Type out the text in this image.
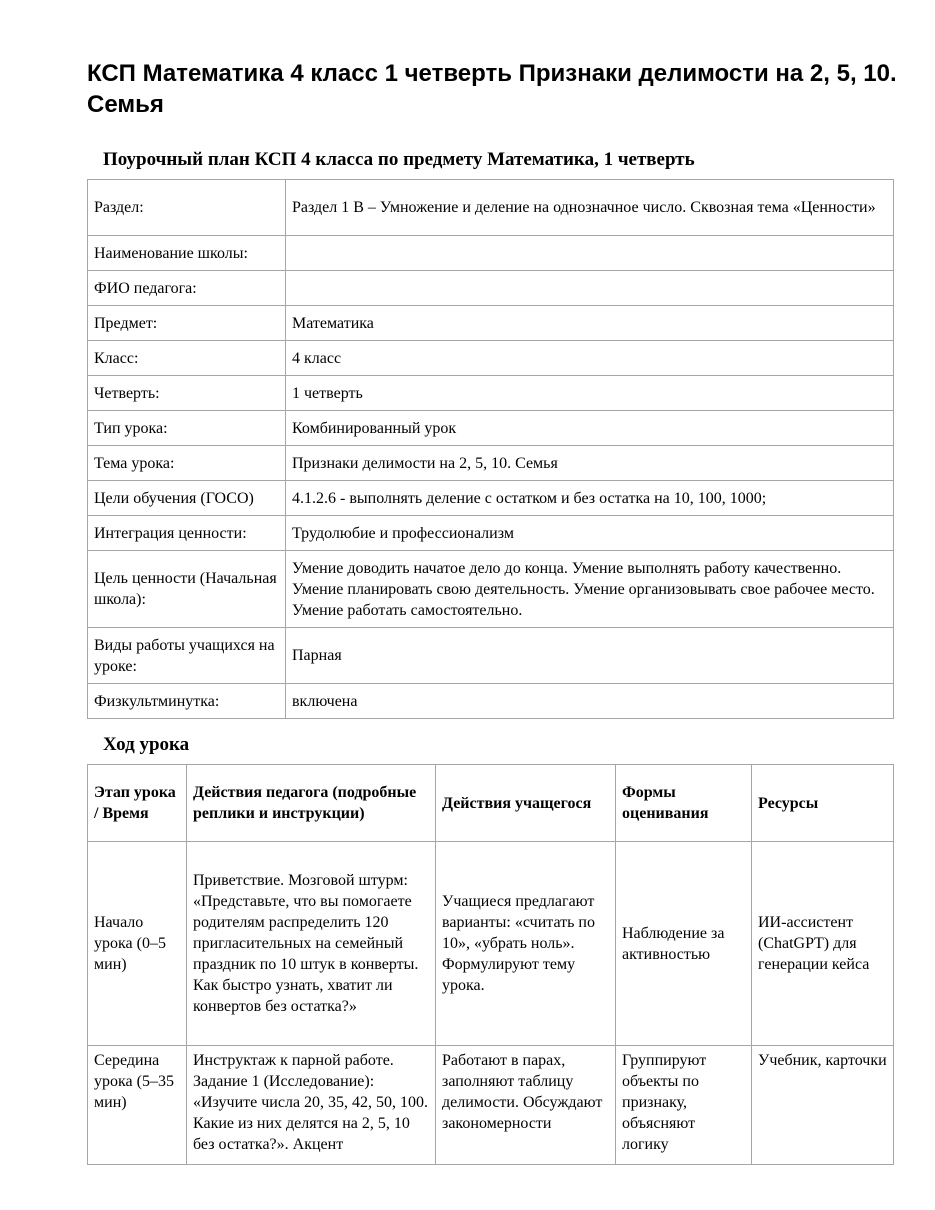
КСП Математика 4 класс 1 четверть Признаки делимости на 2, 5, 10. Семья
Поурочный план КСП 4 класса по предмету Математика, 1 четверть
Раздел:	Раздел 1 B – Умножение и деление на однозначное число. Сквозная тема «Ценности»
Наименование школы:	
ФИО педагога:	
Предмет:	Математика
Класс:	4 класс
Четверть:	1 четверть
Тип урока:	Комбинированный урок
Тема урока:	Признаки делимости на 2, 5, 10. Семья
Цели обучения (ГОСО)	4.1.2.6 - выполнять деление с остатком и без остатка на 10, 100, 1000;
Интеграция ценности:	Трудолюбие и профессионализм
Цель ценности (Начальная школа):	Умение доводить начатое дело до конца. Умение выполнять работу качественно. Умение планировать свою деятельность. Умение организовывать свое рабочее место. Умение работать самостоятельно.
Виды работы учащихся на уроке:	Парная
Физкультминутка:	включена
Ход урока
Этап урока / Время	Действия педагога (подробные реплики и инструкции)	Действия учащегося	Формы оценивания	Ресурсы
Начало урока (0–5 мин)	Приветствие. Мозговой штурм: «Представьте, что вы помогаете родителям распределить 120 пригласительных на семейный праздник по 10 штук в конверты. Как быстро узнать, хватит ли конвертов без остатка?»	Учащиеся предлагают варианты: «считать по 10», «убрать ноль». Формулируют тему урока.	Наблюдение за активностью	ИИ-ассистент (ChatGPT) для генерации кейса
Середина урока (5–35 мин)	Инструктаж к парной работе. Задание 1 (Исследование): «Изучите числа 20, 35, 42, 50, 100. Какие из них делятся на 2, 5, 10 без остатка?». Акцент	Работают в парах, заполняют таблицу делимости. Обсуждают закономерности	Группируют объекты по признаку, объясняют логику	Учебник, карточки
